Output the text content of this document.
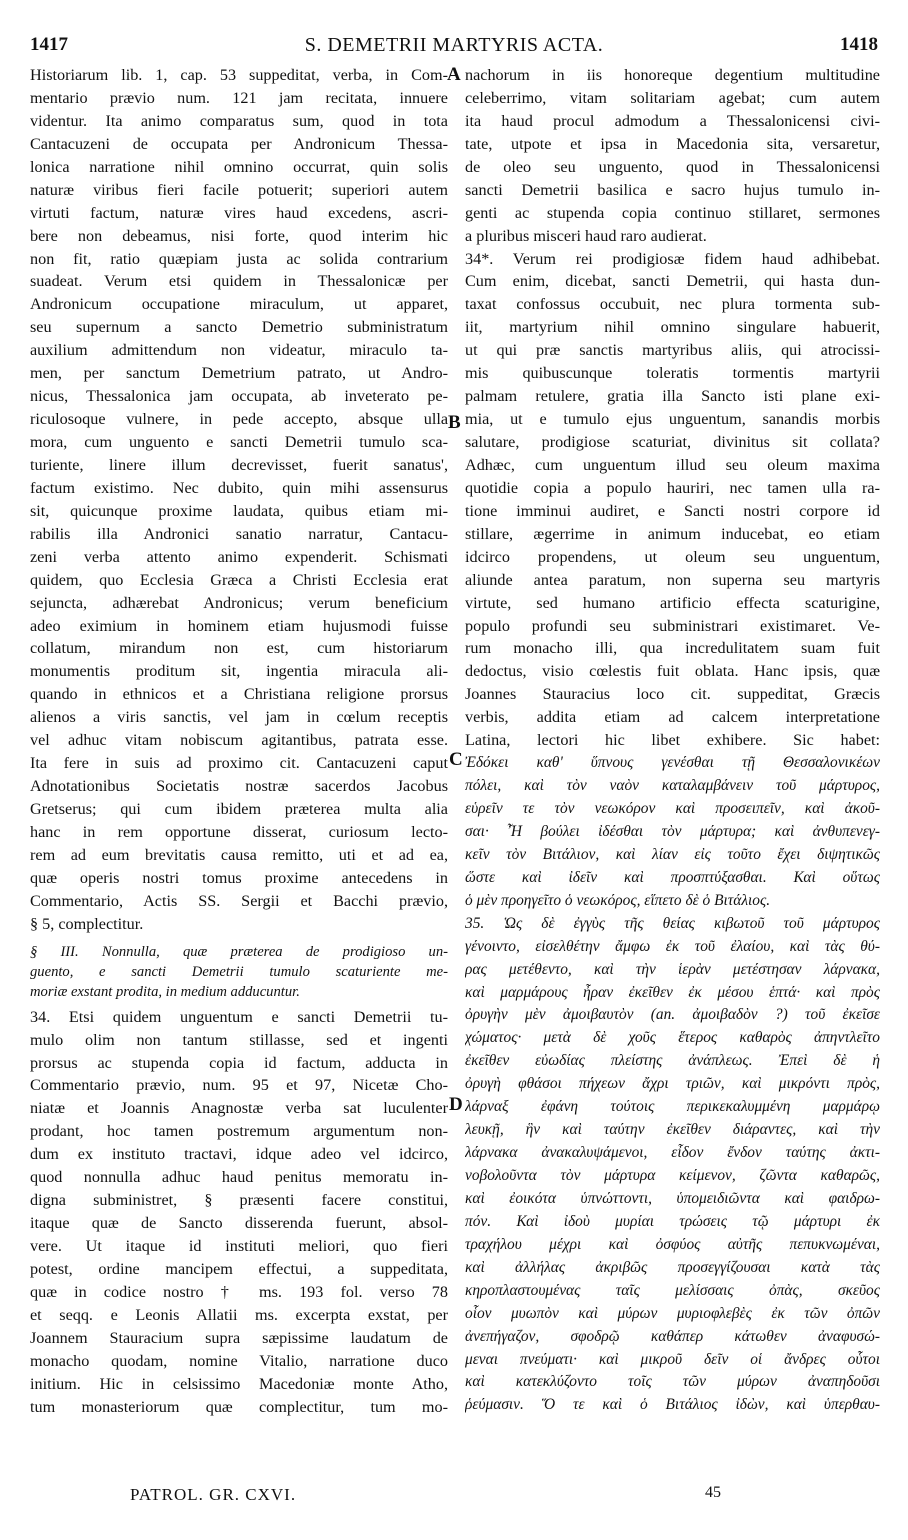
1417	S. DEMETRII MARTYRIS ACTA.	1418
Historiarum lib. 1, cap. 53 suppeditat, verba, in Com-
mentario prævio num. 121 jam recitata, innuere
videntur. Ita animo comparatus sum, quod in tota
Cantacuzeni de occupata per Andronicum Thessa-
lonica narratione nihil omnino occurrat, quin solis
naturæ viribus fieri facile potuerit; superiori autem
virtuti factum, naturæ vires haud excedens, ascri-
bere non debeamus, nisi forte, quod interim hic
non fit, ratio quæpiam justa ac solida contrarium
suadeat. Verum etsi quidem in Thessalonicæ per
Andronicum occupatione miraculum, ut apparet,
seu supernum a sancto Demetrio subministratum
auxilium admittendum non videatur, miraculo ta-
men, per sanctum Demetrium patrato, ut Andro-
nicus, Thessalonica jam occupata, ab inveterato pe-
riculosoque vulnere, in pede accepto, absque ulla
mora, cum unguento e sancti Demetrii tumulo sca-
turiente, linere illum decrevisset, fuerit sanatus',
factum existimo. Nec dubito, quin mihi assensurus
sit, quicunque proxime laudata, quibus etiam mi-
rabilis illa Andronici sanatio narratur, Cantacu-
zeni verba attento animo expenderit. Schismati
quidem, quo Ecclesia Græca a Christi Ecclesia erat
sejuncta, adhærebat Andronicus; verum beneficium
adeo eximium in hominem etiam hujusmodi fuisse
collatum, mirandum non est, cum historiarum
monumentis proditum sit, ingentia miracula ali-
quando in ethnicos et a Christiana religione prorsus
alienos a viris sanctis, vel jam in cœlum receptis
vel adhuc vitam nobiscum agitantibus, patrata esse.
Ita fere in suis ad proximo cit. Cantacuzeni caput
Adnotationibus Societatis nostræ sacerdos Jacobus
Gretserus; qui cum ibidem præterea multa alia
hanc in rem opportune disserat, curiosum lecto-
rem ad eum brevitatis causa remitto, uti et ad ea,
quæ operis nostri tomus proxime antecedens in
Commentario, Actis SS. Sergii et Bacchi prævio,
§ 5, complectitur.
§ III. Nonnulla, quæ præterea de prodigioso un-
guento, e sancti Demetrii tumulo scaturiente me-
moriæ exstant prodita, in medium adducuntur.
34. Etsi quidem unguentum e sancti Demetrii tu-
mulo olim non tantum stillasse, sed et ingenti
prorsus ac stupenda copia id factum, adducta in
Commentario prævio, num. 95 et 97, Nicetæ Cho-
niatæ et Joannis Anagnostæ verba sat luculenter
prodant, hoc tamen postremum argumentum non-
dum ex instituto tractavi, idque adeo vel idcirco,
quod nonnulla adhuc haud penitus memoratu in-
digna subministret, § præsenti facere constitui,
itaque quæ de Sancto disserenda fuerunt, absol-
vere. Ut itaque id instituti meliori, quo fieri
potest, ordine mancipem effectui, a suppeditata,
quæ in codice nostro † ms. 193 fol. verso 78
et seqq. e Leonis Allatii ms. excerpta exstat, per
Joannem Stauracium supra sæpissime laudatum de
monacho quodam, nomine Vitalio, narratione duco
initium. Hic in celsissimo Macedoniæ monte Atho,
tum monasteriorum quæ complectitur, tum mo-
nachorum in iis honoreque degentium multitudine
celeberrimo, vitam solitariam agebat; cum autem
ita haud procul admodum a Thessalonicensi civi-
tate, utpote et ipsa in Macedonia sita, versaretur,
de oleo seu unguento, quod in Thessalonicensi
sancti Demetrii basilica e sacro hujus tumulo in-
genti ac stupenda copia continuo stillaret, sermones
a pluribus misceri haud raro audierat.
34*. Verum rei prodigiosæ fidem haud adhibebat.
Cum enim, dicebat, sancti Demetrii, qui hasta dun-
taxat confossus occubuit, nec plura tormenta sub-
iit, martyrium nihil omnino singulare habuerit,
ut qui præ sanctis martyribus aliis, qui atrocissi-
mis quibuscunque toleratis tormentis martyrii
palmam retulere, gratia illa Sancto isti plane exi-
mia, ut e tumulo ejus unguentum, sanandis morbis
salutare, prodigiose scaturiat, divinitus sit collata?
Adhæc, cum unguentum illud seu oleum maxima
quotidie copia a populo hauriri, nec tamen ulla ra-
tione imminui audiret, e Sancti nostri corpore id
stillare, ægerrime in animum inducebat, eo etiam
idcirco propendens, ut oleum seu unguentum,
aliunde antea paratum, non superna seu martyris
virtute, sed humano artificio effecta scaturigine,
populo profundi seu subministrari existimaret. Ve-
rum monacho illi, qua incredulitatem suam fuit
dedoctus, visio cœlestis fuit oblata. Hanc ipsis, quæ
Joannes Stauracius loco cit. suppeditat, Græcis
verbis, addita etiam ad calcem interpretatione
Latina, lectori hic libet exhibere. Sic habet:
Ἐδόκει καθ' ὕπνους γενέσθαι τῇ Θεσσαλονικέων
πόλει, καὶ τὸν ναὸν καταλαμβάνειν τοῦ μάρτυρος,
εὑρεῖν τε τὸν νεωκόρον καὶ προσειπεῖν, καὶ ἀκοῦ-
σαι· Ἦ βούλει ἰδέσθαι τὸν μάρτυρα; καὶ ἀνθυπενεγ-
κεῖν τὸν Βιτάλιον, καὶ λίαν εἰς τοῦτο ἔχει διψητικῶς
ὥστε καὶ ἰδεῖν καὶ προσπτύξασθαι. Καὶ οὕτως
ὁ μὲν προηγεῖτο ὁ νεωκόρος, εἵπετο δὲ ὁ Βιτάλιος.
35. Ὡς δὲ ἐγγὺς τῆς θείας κιβωτοῦ τοῦ μάρτυρος
γένοιντο, εἰσελθέτην ἄμφω ἐκ τοῦ ἐλαίου, καὶ τὰς θύ-
ρας μετέθεντο, καὶ τὴν ἱερὰν μετέστησαν λάρνακα,
καὶ μαρμάρους ἦραν ἐκεῖθεν ἐκ μέσου ἑπτά· καὶ πρὸς
ὀρυγὴν μὲν ἀμοιβαυτὸν (an. ἀμοιβαδὸν ?) τοῦ ἐκεῖσε
χώματος· μετὰ δὲ χοῦς ἕτερος καθαρὸς ἀπηντλεῖτο
ἐκεῖθεν εὐωδίας πλείστης ἀνάπλεως. Ἐπεὶ δὲ ἡ
ὀρυγὴ φθάσοι πήχεων ἄχρι τριῶν, καὶ μικρόντι πρὸς,
λάρναξ ἐφάνη τούτοις περικεκαλυμμένη μαρμάρῳ
λευκῇ, ἣν καὶ ταύτην ἐκεῖθεν διάραντες, καὶ τὴν
λάρνακα ἀνακαλυψάμενοι, εἶδον ἔνδον ταύτης ἀκτι-
νοβολοῦντα τὸν μάρτυρα κείμενον, ζῶντα καθαρῶς,
καὶ ἐοικότα ὑπνώττοντι, ὑπομειδιῶντα καὶ φαιδρω-
πόν. Καὶ ἰδοὺ μυρίαι τρώσεις τῷ μάρτυρι ἐκ
τραχήλου μέχρι καὶ ὀσφύος αὐτῆς πεπυκνωμέναι,
καὶ ἀλλήλας ἀκριβῶς προσεγγίζουσαι κατὰ τὰς
κηροπλαστουμένας ταῖς μελίσσαις ὀπὰς, σκεῦος
οἷον μυωπὸν καὶ μύρων μυριοφλεβὲς ἐκ τῶν ὀπῶν
ἀνεπήγαζον, σφοδρῷ καθάπερ κάτωθεν ἀναφυσώ-
μεναι πνεύματι· καὶ μικροῦ δεῖν οἱ ἄνδρες οὗτοι
καὶ κατεκλύζοντο τοῖς τῶν μύρων ἀναπηδοῦσι
ῥεύμασιν. Ὅ τε καὶ ὁ Βιτάλιος ἰδὼν, καὶ ὑπερθαυ-
A
B
C
D
PATROL. GR. CXVI.	45
